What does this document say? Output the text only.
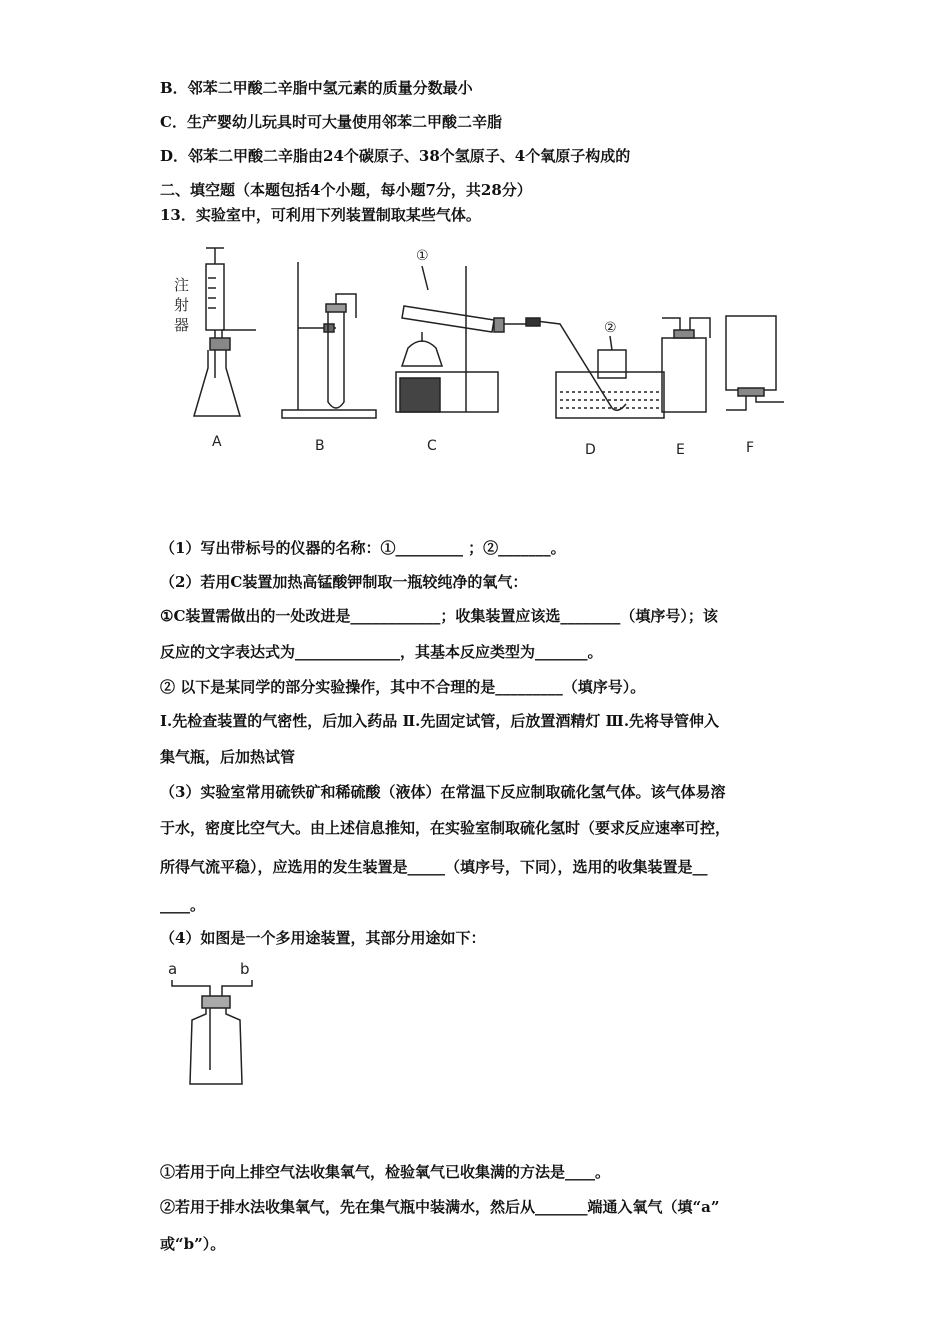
B．邻苯二甲酸二辛脂中氢元素的质量分数最小
C．生产婴幼儿玩具时可大量使用邻苯二甲酸二辛脂
D．邻苯二甲酸二辛脂由24个碳原子、38个氢原子、4个氧原子构成的
二、填空题（本题包括4个小题，每小题7分，共28分）
13．实验室中，可利用下列装置制取某些气体。
注
射
器
A	B
①
C
②
D	E	F
（1）写出带标号的仪器的名称：①_________ ；②_______。
（2）若用C装置加热高锰酸钾制取一瓶较纯净的氧气：
①C装置需做出的一处改进是____________；收集装置应该选________（填序号）；该
反应的文字表达式为______________，其基本反应类型为_______。
② 以下是某同学的部分实验操作，其中不合理的是_________（填序号）。
Ⅰ.先检查装置的气密性，后加入药品 Ⅱ.先固定试管，后放置酒精灯 Ⅲ.先将导管伸入
集气瓶，后加热试管
（3）实验室常用硫铁矿和稀硫酸（液体）在常温下反应制取硫化氢气体。该气体易溶
于水，密度比空气大。由上述信息推知，在实验室制取硫化氢时（要求反应速率可控，
所得气流平稳），应选用的发生装置是_____（填序号，下同），选用的收集装置是__
____。
（4）如图是一个多用途装置，其部分用途如下：
a	b
①若用于向上排空气法收集氧气，检验氧气已收集满的方法是____。
②若用于排水法收集氧气，先在集气瓶中装满水，然后从_______端通入氧气（填“a”
或“b”）。
